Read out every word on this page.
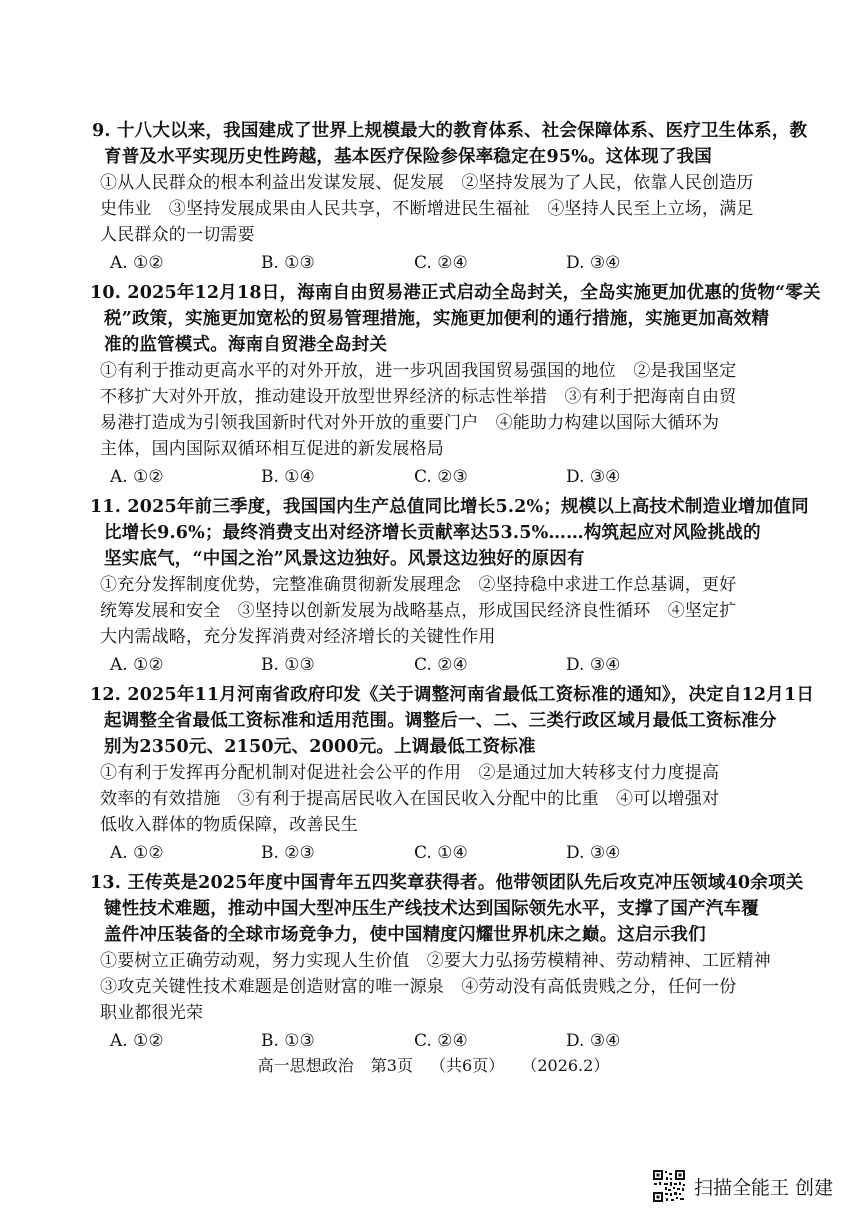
9. 十八大以来，我国建成了世界上规模最大的教育体系、社会保障体系、医疗卫生体系，教
育普及水平实现历史性跨越，基本医疗保险参保率稳定在95%。这体现了我国
①从人民群众的根本利益出发谋发展、促发展　②坚持发展为了人民，依靠人民创造历
史伟业　③坚持发展成果由人民共享，不断增进民生福祉　④坚持人民至上立场，满足
人民群众的一切需要
A. ①②	B. ①③	C. ②④	D. ③④
10. 2025年12月18日，海南自由贸易港正式启动全岛封关，全岛实施更加优惠的货物“零关
税”政策，实施更加宽松的贸易管理措施，实施更加便利的通行措施，实施更加高效精
准的监管模式。海南自贸港全岛封关
①有利于推动更高水平的对外开放，进一步巩固我国贸易强国的地位　②是我国坚定
不移扩大对外开放，推动建设开放型世界经济的标志性举措　③有利于把海南自由贸
易港打造成为引领我国新时代对外开放的重要门户　④能助力构建以国际大循环为
主体，国内国际双循环相互促进的新发展格局
A. ①②	B. ①④	C. ②③	D. ③④
11. 2025年前三季度，我国国内生产总值同比增长5.2%；规模以上高技术制造业增加值同
比增长9.6%；最终消费支出对经济增长贡献率达53.5%……构筑起应对风险挑战的
坚实底气，“中国之治”风景这边独好。风景这边独好的原因有
①充分发挥制度优势，完整准确贯彻新发展理念　②坚持稳中求进工作总基调，更好
统筹发展和安全　③坚持以创新发展为战略基点，形成国民经济良性循环　④坚定扩
大内需战略，充分发挥消费对经济增长的关键性作用
A. ①②	B. ①③	C. ②④	D. ③④
12. 2025年11月河南省政府印发《关于调整河南省最低工资标准的通知》，决定自12月1日
起调整全省最低工资标准和适用范围。调整后一、二、三类行政区域月最低工资标准分
别为2350元、2150元、2000元。上调最低工资标准
①有利于发挥再分配机制对促进社会公平的作用　②是通过加大转移支付力度提高
效率的有效措施　③有利于提高居民收入在国民收入分配中的比重　④可以增强对
低收入群体的物质保障，改善民生
A. ①②	B. ②③	C. ①④	D. ③④
13. 王传英是2025年度中国青年五四奖章获得者。他带领团队先后攻克冲压领域40余项关
键性技术难题，推动中国大型冲压生产线技术达到国际领先水平，支撑了国产汽车覆
盖件冲压装备的全球市场竞争力，使中国精度闪耀世界机床之巅。这启示我们
①要树立正确劳动观，努力实现人生价值　②要大力弘扬劳模精神、劳动精神、工匠精神
③攻克关键性技术难题是创造财富的唯一源泉　④劳动没有高低贵贱之分，任何一份
职业都很光荣
A. ①②	B. ①③	C. ②④	D. ③④
高一思想政治 第3页 （共6页） （2026.2）
扫描全能王 创建
